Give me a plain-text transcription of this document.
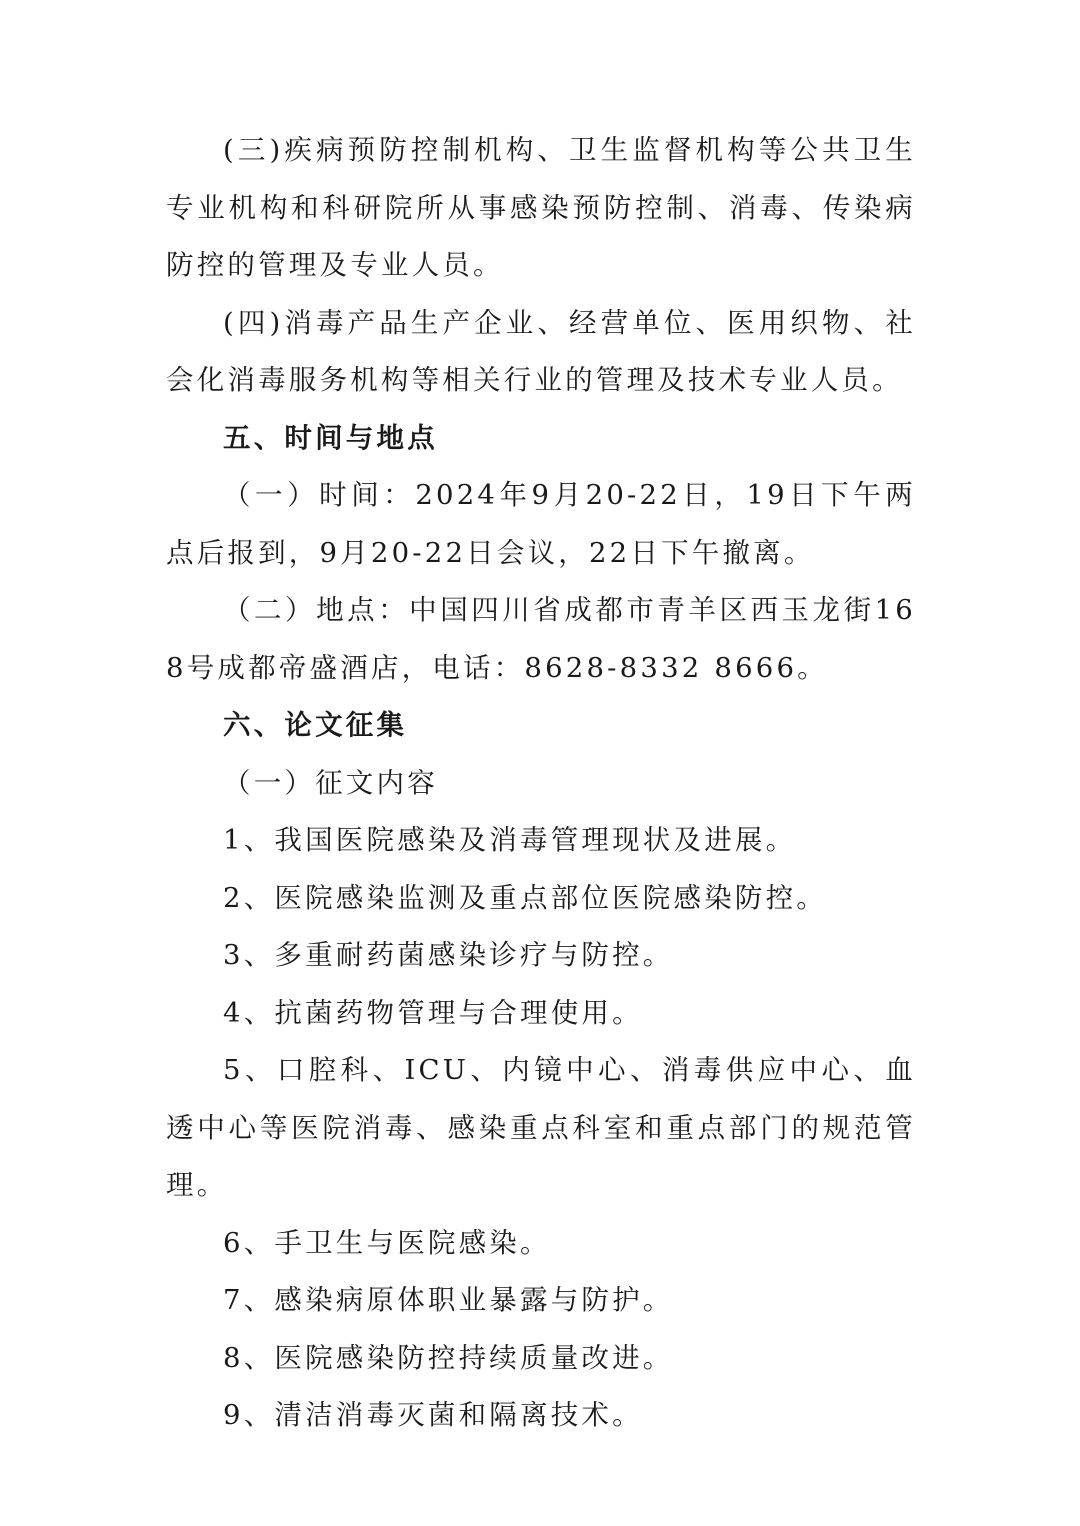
(三)疾病预防控制机构、卫生监督机构等公共卫生专业机构和科研院所从事感染预防控制、消毒、传染病防控的管理及专业人员。

(四)消毒产品生产企业、经营单位、医用织物、社会化消毒服务机构等相关行业的管理及技术专业人员。

五、时间与地点

（一）时间：2024年9月20-22日，19日下午两点后报到，9月20-22日会议，22日下午撤离。

（二）地点：中国四川省成都市青羊区西玉龙街168号成都帝盛酒店，电话：8628-8332 8666。

六、论文征集

（一）征文内容

1、我国医院感染及消毒管理现状及进展。

2、医院感染监测及重点部位医院感染防控。

3、多重耐药菌感染诊疗与防控。

4、抗菌药物管理与合理使用。

5、口腔科、ICU、内镜中心、消毒供应中心、血透中心等医院消毒、感染重点科室和重点部门的规范管理。

6、手卫生与医院感染。

7、感染病原体职业暴露与防护。

8、医院感染防控持续质量改进。

9、清洁消毒灭菌和隔离技术。
